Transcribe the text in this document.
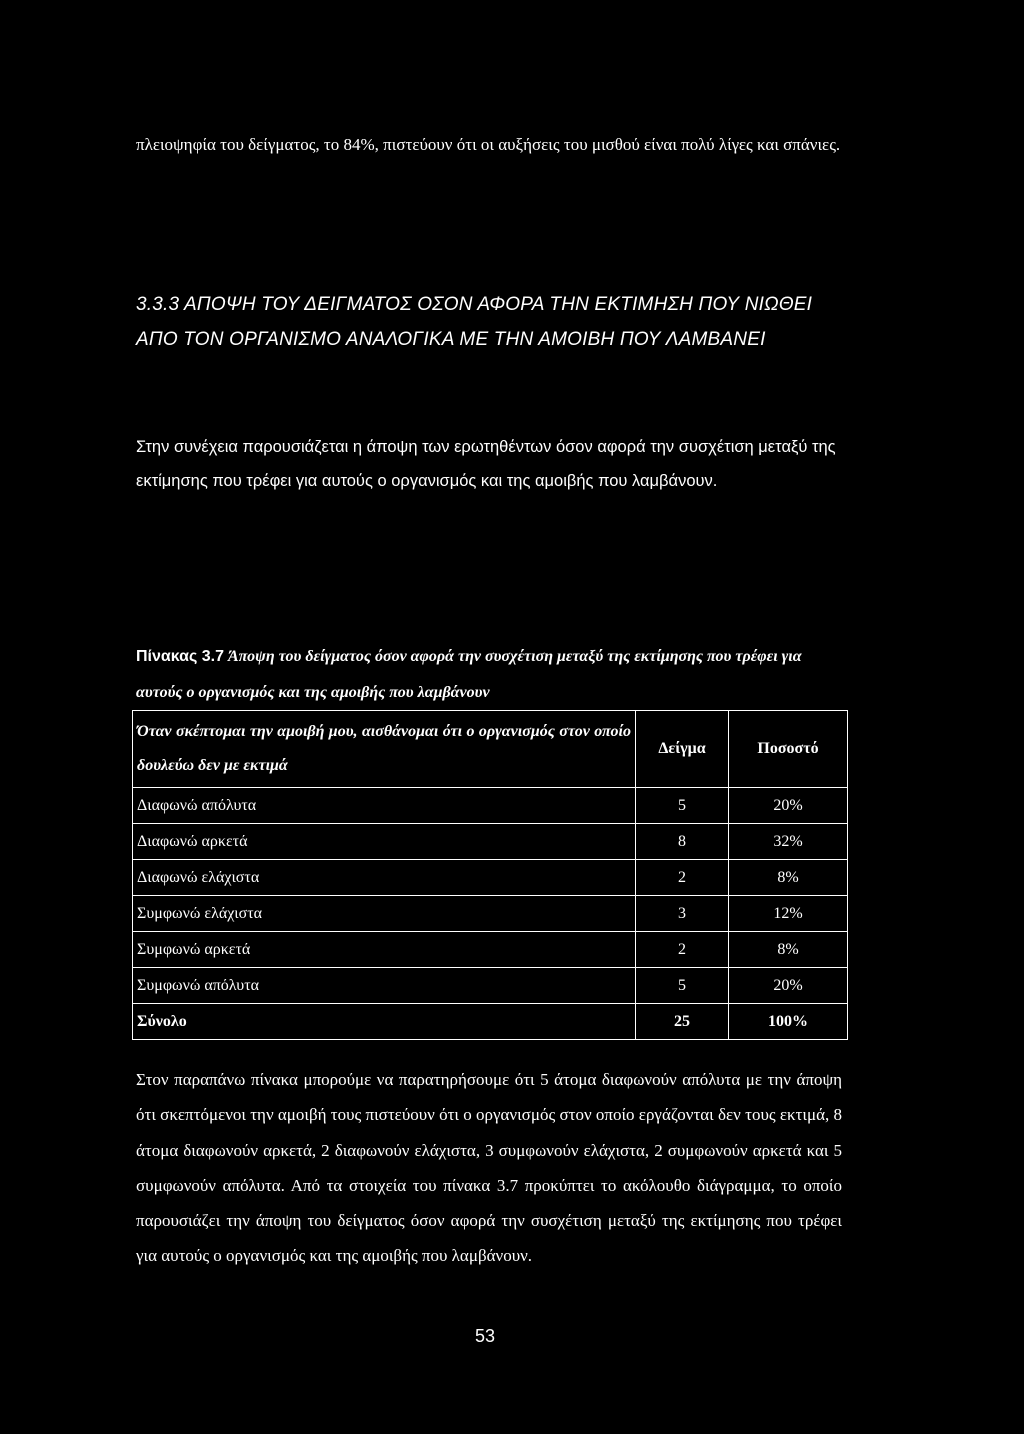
πλειοψηφία του δείγματος, το 84%, πιστεύουν ότι οι αυξήσεις του μισθού είναι πολύ λίγες και σπάνιες.

3.3.3 ΑΠΟΨΗ ΤΟΥ ΔΕΙΓΜΑΤΟΣ ΟΣΟΝ ΑΦΟΡΑ ΤΗΝ ΕΚΤΙΜΗΣΗ ΠΟΥ ΝΙΩΘΕΙ ΑΠΟ ΤΟΝ ΟΡΓΑΝΙΣΜΟ ΑΝΑΛΟΓΙΚΑ ΜΕ ΤΗΝ ΑΜΟΙΒΗ ΠΟΥ ΛΑΜΒΑΝΕΙ

Στην συνέχεια παρουσιάζεται η άποψη των ερωτηθέντων όσον αφορά την συσχέτιση μεταξύ της εκτίμησης που τρέφει για αυτούς ο οργανισμός και της αμοιβής που λαμβάνουν.

Πίνακας 3.7 Άποψη του δείγματος όσον αφορά την συσχέτιση μεταξύ της εκτίμησης που τρέφει για αυτούς ο οργανισμός και της αμοιβής που λαμβάνουν

Όταν σκέπτομαι την αμοιβή μου, αισθάνομαι ότι ο οργανισμός στον οποίο δουλεύω δεν με εκτιμά	Δείγμα	Ποσοστό
Διαφωνώ απόλυτα	5	20%
Διαφωνώ αρκετά	8	32%
Διαφωνώ ελάχιστα	2	8%
Συμφωνώ ελάχιστα	3	12%
Συμφωνώ αρκετά	2	8%
Συμφωνώ απόλυτα	5	20%
Σύνολο	25	100%

Στον παραπάνω πίνακα μπορούμε να παρατηρήσουμε ότι 5 άτομα διαφωνούν απόλυτα με την άποψη ότι σκεπτόμενοι την αμοιβή τους πιστεύουν ότι ο οργανισμός στον οποίο εργάζονται δεν τους εκτιμά, 8 άτομα διαφωνούν αρκετά, 2 διαφωνούν ελάχιστα, 3 συμφωνούν ελάχιστα, 2 συμφωνούν αρκετά και 5 συμφωνούν απόλυτα. Από τα στοιχεία του πίνακα 3.7 προκύπτει το ακόλουθο διάγραμμα, το οποίο παρουσιάζει την άποψη του δείγματος όσον αφορά την συσχέτιση μεταξύ της εκτίμησης που τρέφει για αυτούς ο οργανισμός και της αμοιβής που λαμβάνουν.

53
